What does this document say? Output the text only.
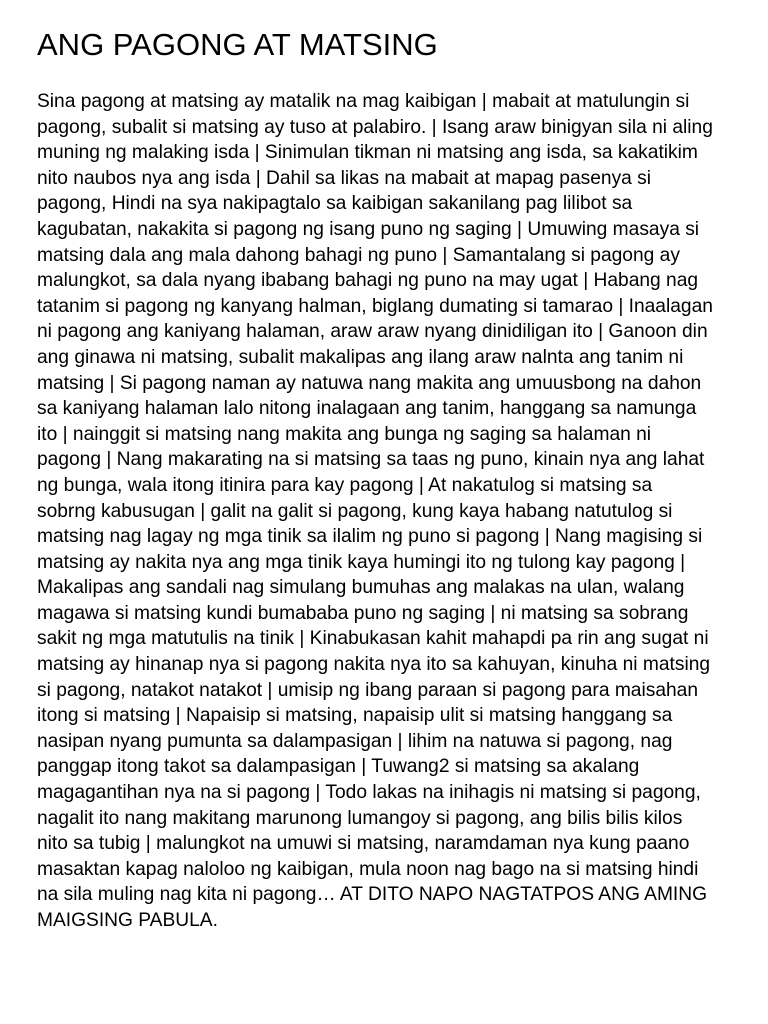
ANG PAGONG AT MATSING

Sina pagong at matsing ay matalik na mag kaibigan | mabait at matulungin si
pagong, subalit si matsing ay tuso at palabiro. | Isang araw binigyan sila ni aling
muning ng malaking isda | Sinimulan tikman ni matsing ang isda, sa kakatikim
nito naubos nya ang isda | Dahil sa likas na mabait at mapag pasenya si
pagong, Hindi na sya nakipagtalo sa kaibigan sakanilang pag lilibot sa
kagubatan, nakakita si pagong ng isang puno ng saging | Umuwing masaya si
matsing dala ang mala dahong bahagi ng puno | Samantalang si pagong ay
malungkot, sa dala nyang ibabang bahagi ng puno na may ugat | Habang nag
tatanim si pagong ng kanyang halman, biglang dumating si tamarao | Inaalagan
ni pagong ang kaniyang halaman, araw araw nyang dinidiligan ito | Ganoon din
ang ginawa ni matsing, subalit makalipas ang ilang araw nalnta ang tanim ni
matsing | Si pagong naman ay natuwa nang makita ang umuusbong na dahon
sa kaniyang halaman lalo nitong inalagaan ang tanim, hanggang sa namunga
ito | nainggit si matsing nang makita ang bunga ng saging sa halaman ni
pagong | Nang makarating na si matsing sa taas ng puno, kinain nya ang lahat
ng bunga, wala itong itinira para kay pagong | At nakatulog si matsing sa
sobrng kabusugan | galit na galit si pagong, kung kaya habang natutulog si
matsing nag lagay ng mga tinik sa ilalim ng puno si pagong | Nang magising si
matsing ay nakita nya ang mga tinik kaya humingi ito ng tulong kay pagong |
Makalipas ang sandali nag simulang bumuhas ang malakas na ulan, walang
magawa si matsing kundi bumababa puno ng saging | ni matsing sa sobrang
sakit ng mga matutulis na tinik | Kinabukasan kahit mahapdi pa rin ang sugat ni
matsing ay hinanap nya si pagong nakita nya ito sa kahuyan, kinuha ni matsing
si pagong, natakot natakot | umisip ng ibang paraan si pagong para maisahan
itong si matsing | Napaisip si matsing, napaisip ulit si matsing hanggang sa
nasipan nyang pumunta sa dalampasigan | lihim na natuwa si pagong, nag
panggap itong takot sa dalampasigan | Tuwang2 si matsing sa akalang
magagantihan nya na si pagong | Todo lakas na inihagis ni matsing si pagong,
nagalit ito nang makitang marunong lumangoy si pagong, ang bilis bilis kilos
nito sa tubig | malungkot na umuwi si matsing, naramdaman nya kung paano
masaktan kapag naloloo ng kaibigan, mula noon nag bago na si matsing hindi
na sila muling nag kita ni pagong… AT DITO NAPO NAGTATPOS ANG AMING
MAIGSING PABULA.
